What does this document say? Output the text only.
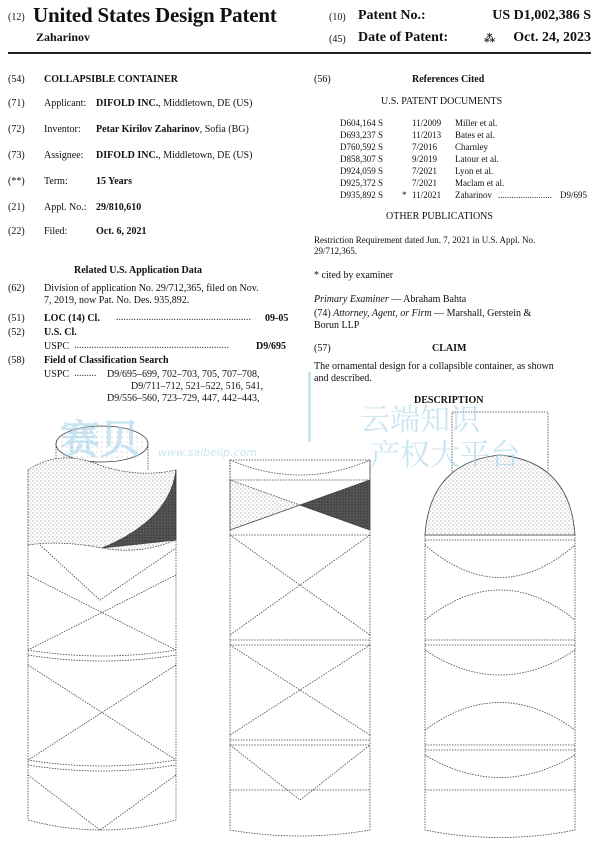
(12) United States Design Patent
Zaharinov
(10) Patent No.:	US D1,002,386 S
(45) Date of Patent:	⁂ Oct. 24, 2023
(54) COLLAPSIBLE CONTAINER
(71) Applicant: DIFOLD INC., Middletown, DE (US)
(72) Inventor: Petar Kirilov Zaharinov, Sofia (BG)
(73) Assignee: DIFOLD INC., Middletown, DE (US)
(**) Term:	15 Years
(21) Appl. No.: 29/810,610
(22) Filed:	Oct. 6, 2021
Related U.S. Application Data
(62) Division of application No. 29/712,365, filed on Nov.
7, 2019, now Pat. No. Des. 935,892.
(51) LOC (14) Cl. ...................................................... 09-05
(52) U.S. Cl.
USPC ..............................................................	D9/695
(58) Field of Classification Search
USPC ......... D9/695–699, 702–703, 705, 707–708,
D9/711–712, 521–522, 516, 541,
D9/556–560, 723–729, 447, 442–443,
(56)	References Cited
U.S. PATENT DOCUMENTS
D604,164 S	11/2009 Miller et al.
D693,237 S	11/2013 Bates et al.
D760,592 S	7/2016 Charnley
D858,307 S	9/2019 Latour et al.
D924,059 S	7/2021 Lyon et al.
D925,372 S	7/2021 Maclam et al.
D935,892 S * 11/2021 Zaharinov	D9/695
........................
OTHER PUBLICATIONS
Restriction Requirement dated Jun. 7, 2021 in U.S. Appl. No.
29/712,365.
* cited by examiner
Primary Examiner — Abraham Bahta
(74) Attorney, Agent, or Firm — Marshall, Gerstein &
Borun LLP
(57)	CLAIM
The ornamental design for a collapsible container, as shown
and described.
DESCRIPTION
赛贝 www.saibeiip.com
云端知识
产权大平台
